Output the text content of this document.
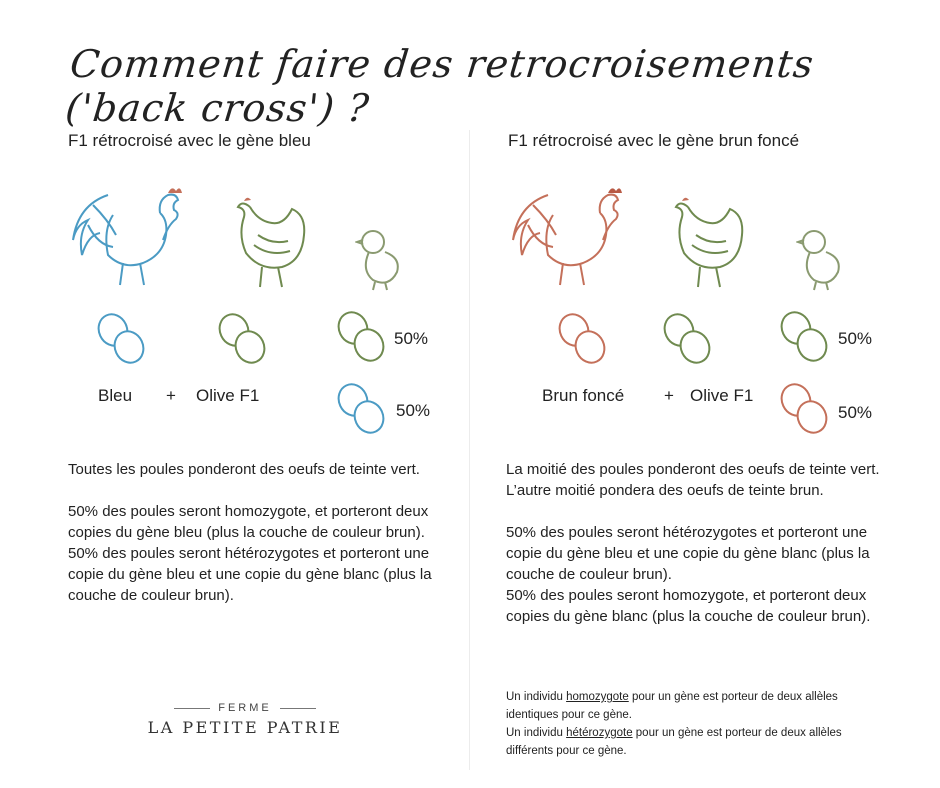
Comment faire des retrocroisements ('back cross') ?
F1 rétrocroisé avec le gène bleu
50%
Bleu + Olive F1
50%

Toutes les poules ponderont des oeufs de teinte vert.

50% des poules seront homozygote, et porteront deux copies du gène bleu (plus la couche de couleur brun).

50% des poules seront hétérozygotes et porteront une copie du gène bleu et une copie du gène blanc (plus la couche de couleur brun).

FERME
LA PETITE PATRIE
F1 rétrocroisé avec le gène brun foncé
50%
Brun foncé + Olive F1
50%

La moitié des poules ponderont des oeufs de teinte vert. L’autre moitié pondera des oeufs de teinte brun.

50% des poules seront hétérozygotes et porteront une copie du gène bleu et une copie du gène blanc (plus la couche de couleur brun).

50% des poules seront homozygote, et porteront deux copies du gène blanc (plus la couche de couleur brun).

Un individu homozygote pour un gène est porteur de deux allèles identiques pour ce gène.

Un individu hétérozygote pour un gène est porteur de deux allèles différents pour ce gène.
